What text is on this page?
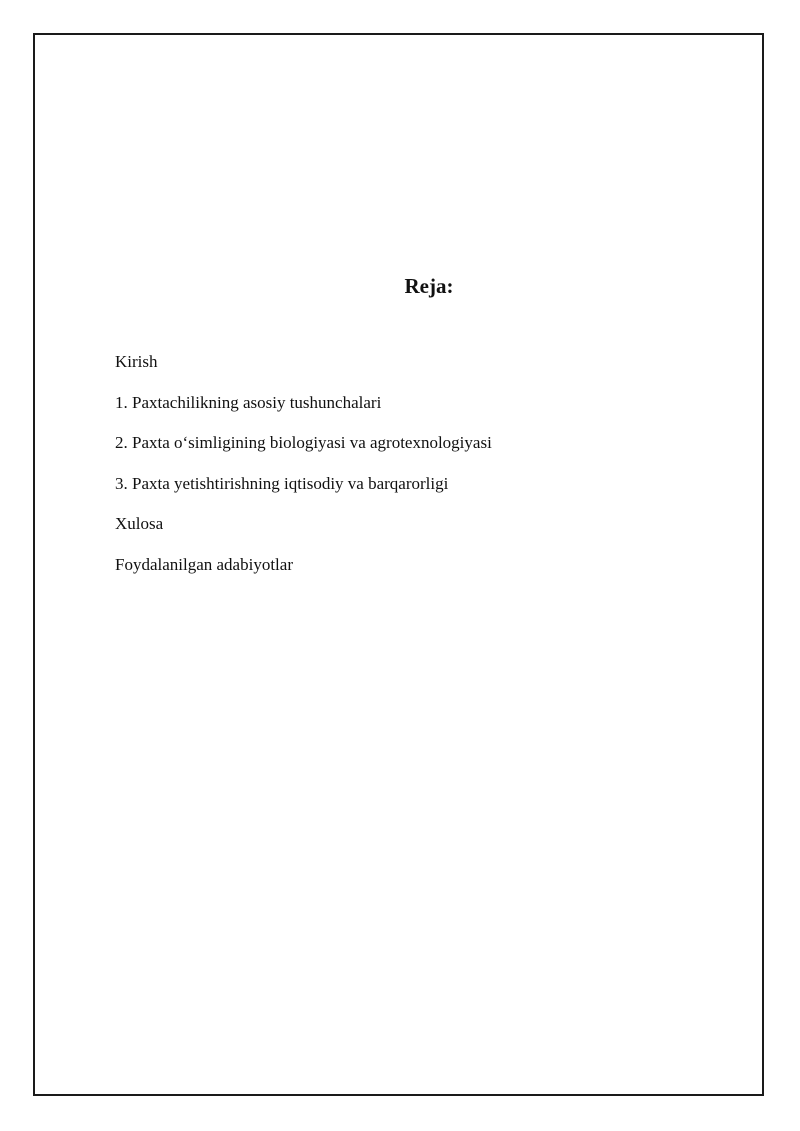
Reja:
Kirish
1. Paxtachilikning asosiy tushunchalari
2. Paxta o‘simligining biologiyasi va agrotexnologiyasi
3. Paxta yetishtirishning iqtisodiy va barqarorligi
Xulosa
Foydalanilgan adabiyotlar
